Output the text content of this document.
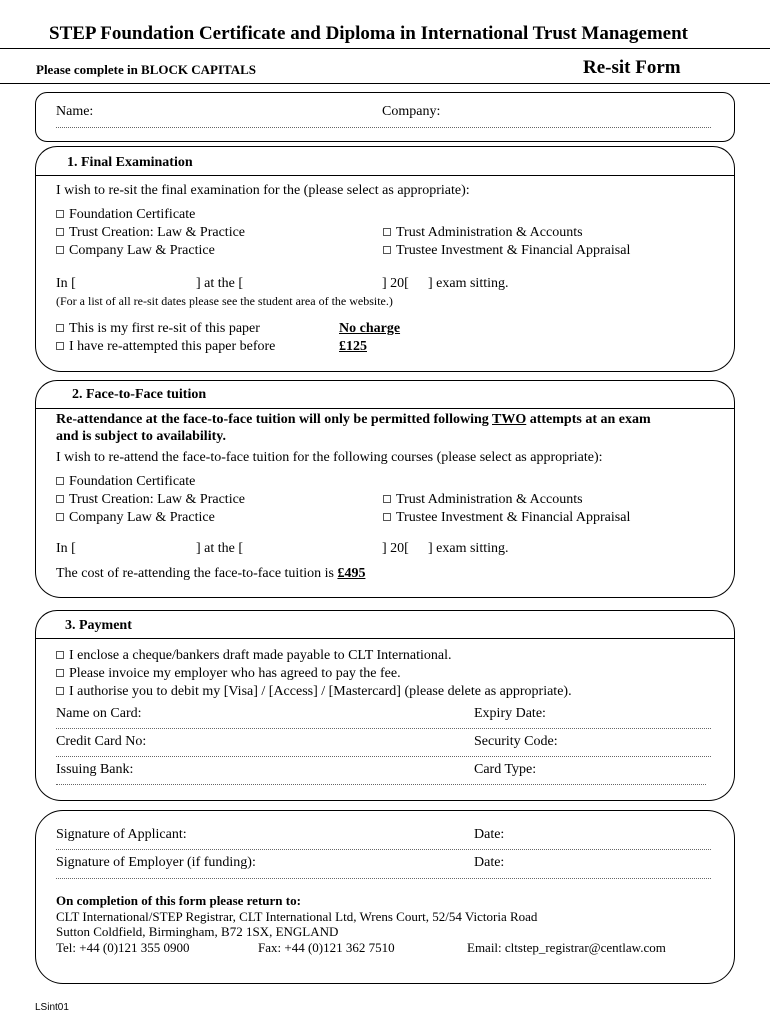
STEP Foundation Certificate and Diploma in International Trust Management
Please complete in BLOCK CAPITALS	Re-sit Form
Name:	Company:
1. Final Examination
I wish to re-sit the final examination for the (please select as appropriate):
Foundation Certificate
Trust Creation: Law & Practice	Trust Administration & Accounts
Company Law & Practice	Trustee Investment & Financial Appraisal
In [	] at the [	] 20[ ] exam sitting.
(For a list of all re-sit dates please see the student area of the website.)
This is my first re-sit of this paper	No charge
I have re-attempted this paper before	£125
2. Face-to-Face tuition
Re-attendance at the face-to-face tuition will only be permitted following TWO attempts at an exam
and is subject to availability.
I wish to re-attend the face-to-face tuition for the following courses (please select as appropriate):
Foundation Certificate
Trust Creation: Law & Practice	Trust Administration & Accounts
Company Law & Practice	Trustee Investment & Financial Appraisal
In [	] at the [	] 20[ ] exam sitting.
The cost of re-attending the face-to-face tuition is £495
3. Payment
I enclose a cheque/bankers draft made payable to CLT International.
Please invoice my employer who has agreed to pay the fee.
I authorise you to debit my [Visa] / [Access] / [Mastercard] (please delete as appropriate).
Name on Card:	Expiry Date:
Credit Card No:	Security Code:
Issuing Bank:	Card Type:
Signature of Applicant:	Date:
Signature of Employer (if funding):	Date:
On completion of this form please return to:
CLT International/STEP Registrar, CLT International Ltd, Wrens Court, 52/54 Victoria Road
Sutton Coldfield, Birmingham, B72 1SX, ENGLAND
Tel: +44 (0)121 355 0900	Fax: +44 (0)121 362 7510	Email: cltstep_registrar@centlaw.com
LSint01
